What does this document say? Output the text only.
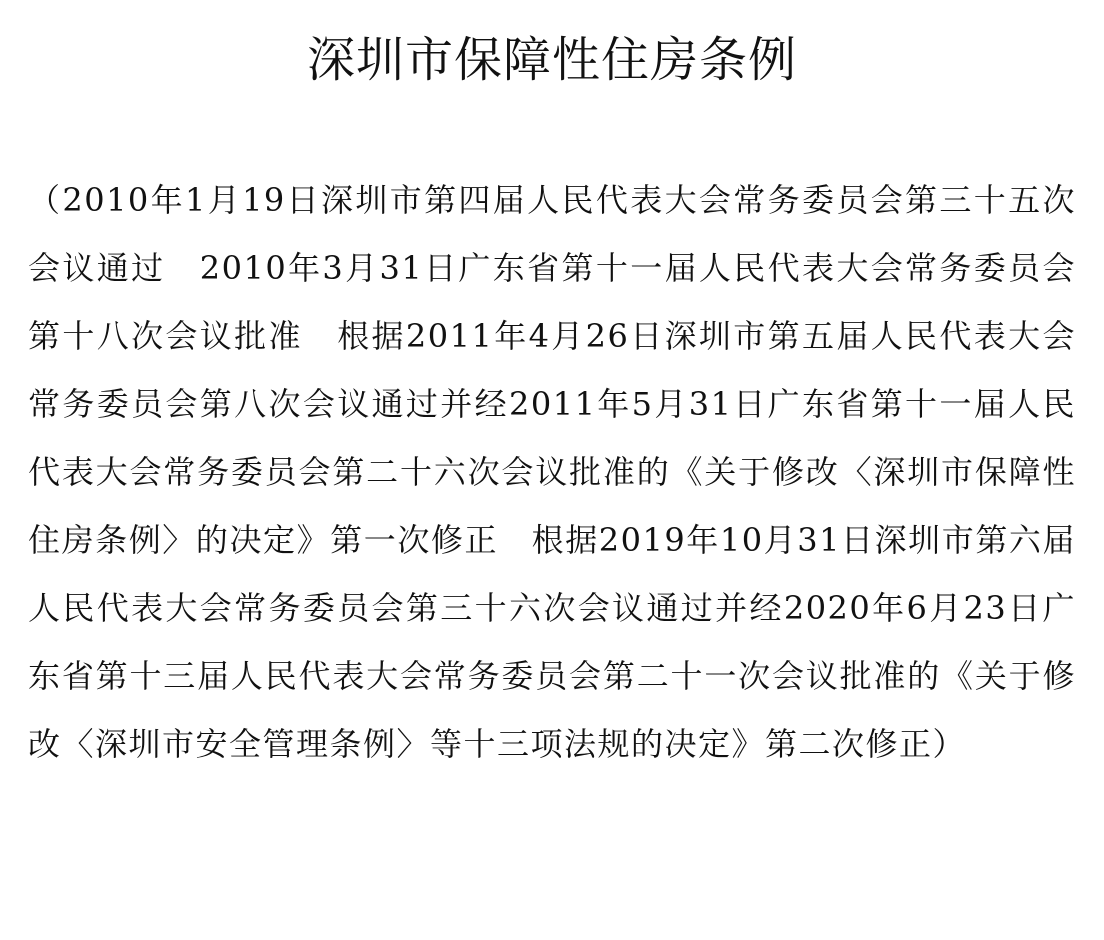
深圳市保障性住房条例

（2010年1月19日深圳市第四届人民代表大会常务委员会第三十五次会议通过　2010年3月31日广东省第十一届人民代表大会常务委员会第十八次会议批准　根据2011年4月26日深圳市第五届人民代表大会常务委员会第八次会议通过并经2011年5月31日广东省第十一届人民代表大会常务委员会第二十六次会议批准的《关于修改〈深圳市保障性住房条例〉的决定》第一次修正　根据2019年10月31日深圳市第六届人民代表大会常务委员会第三十六次会议通过并经2020年6月23日广东省第十三届人民代表大会常务委员会第二十一次会议批准的《关于修改〈深圳市安全管理条例〉等十三项法规的决定》第二次修正）
